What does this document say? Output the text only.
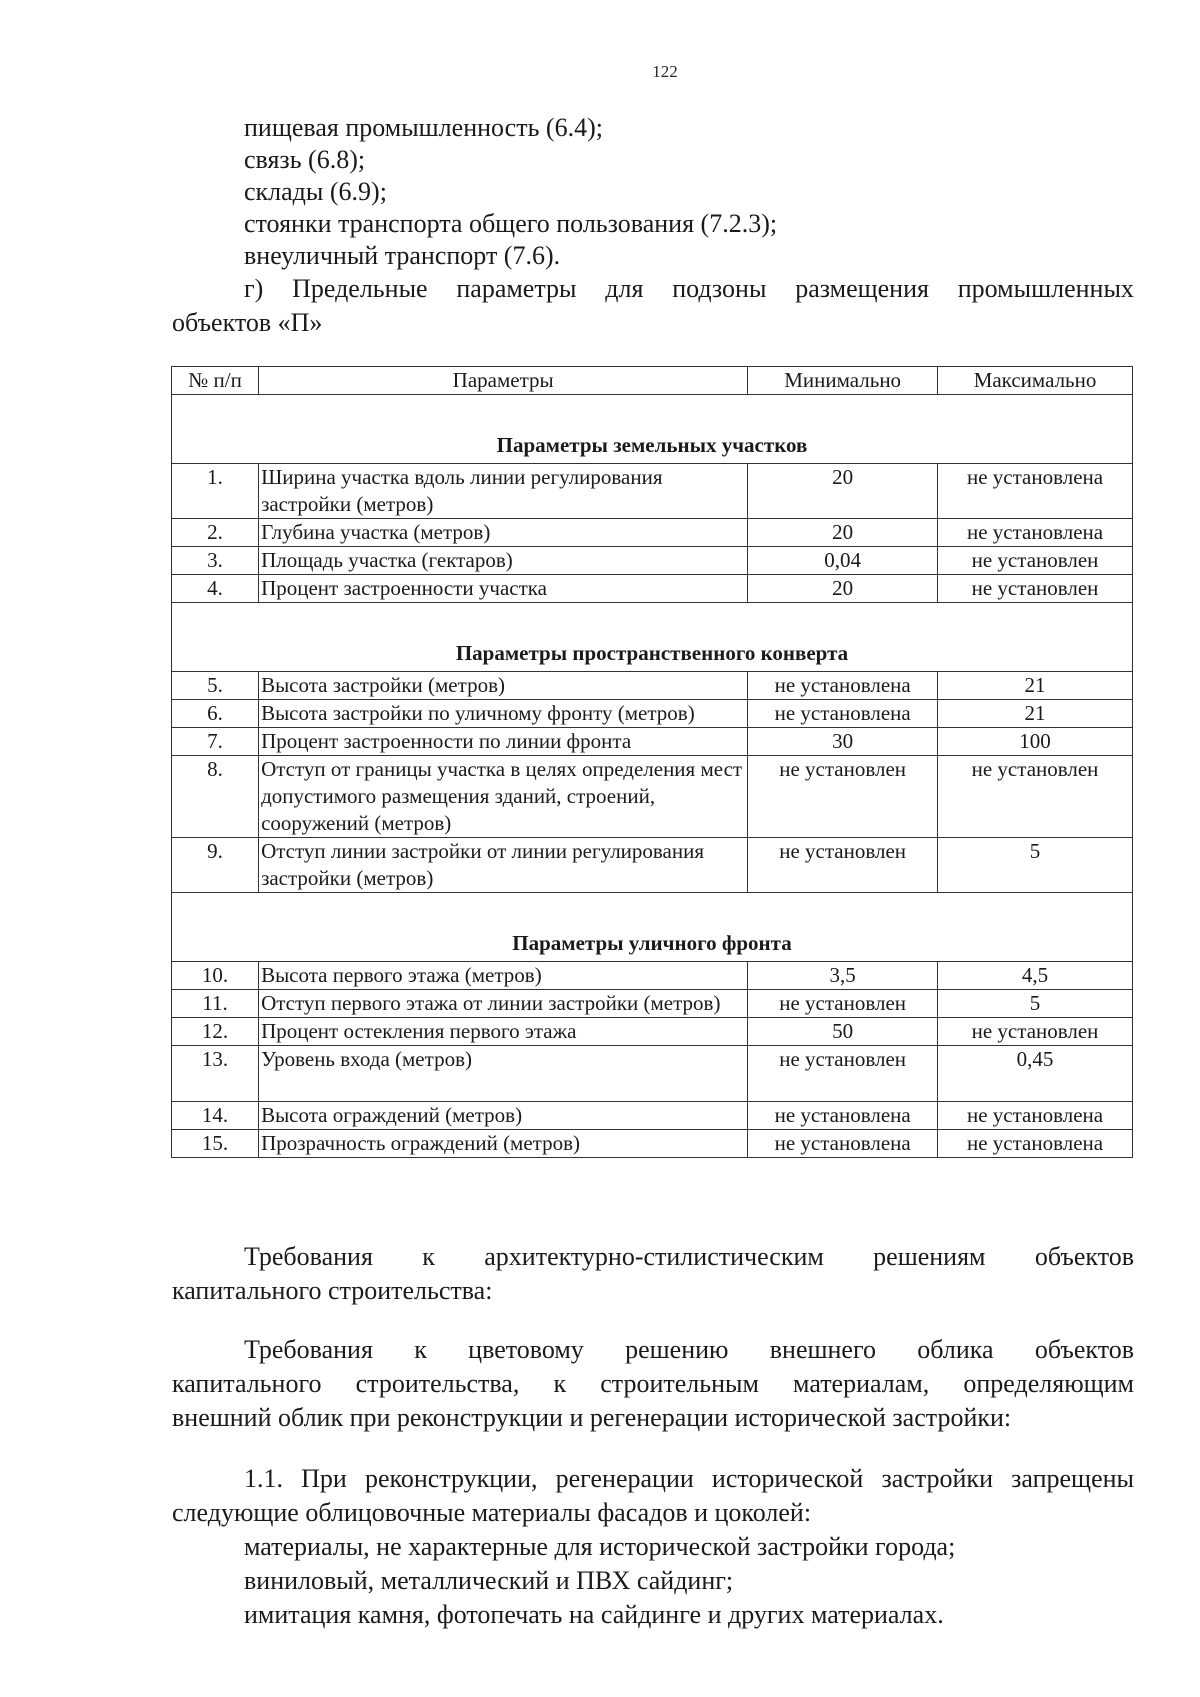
122
пищевая промышленность (6.4);
связь (6.8);
склады (6.9);
стоянки транспорта общего пользования (7.2.3);
внеуличный транспорт (7.6).
г) Предельные параметры для подзоны размещения промышленных
объектов «П»
№ п/п	Параметры	Минимально	Максимально
Параметры земельных участков			
1.	Ширина участка вдоль линии регулирования застройки (метров)	20	не установлена
2.	Глубина участка (метров)	20	не установлена
3.	Площадь участка (гектаров)	0,04	не установлен
4.	Процент застроенности участка	20	не установлен
Параметры пространственного конверта			
5.	Высота застройки (метров)	не установлена	21
6.	Высота застройки по уличному фронту (метров)	не установлена	21
7.	Процент застроенности по линии фронта	30	100
8.	Отступ от границы участка в целях определения мест допустимого размещения зданий, строений, сооружений (метров)	не установлен	не установлен
9.	Отступ линии застройки от линии регулирования застройки (метров)	не установлен	5
Параметры уличного фронта			
10.	Высота первого этажа (метров)	3,5	4,5
11.	Отступ первого этажа от линии застройки (метров)	не установлен	5
12.	Процент остекления первого этажа	50	не установлен
13.	Уровень входа (метров)	не установлен	0,45
14.	Высота ограждений (метров)	не установлена	не установлена
15.	Прозрачность ограждений (метров)	не установлена	не установлена
Требования к архитектурно-стилистическим решениям объектов
капитального строительства:
Требования к цветовому решению внешнего облика объектов
капитального строительства, к строительным материалам, определяющим
внешний облик при реконструкции и регенерации исторической застройки:
1.1. При реконструкции, регенерации исторической застройки запрещены следующие облицовочные материалы фасадов и цоколей:
материалы, не характерные для исторической застройки города;
виниловый, металлический и ПВХ сайдинг;
имитация камня, фотопечать на сайдинге и других материалах.
